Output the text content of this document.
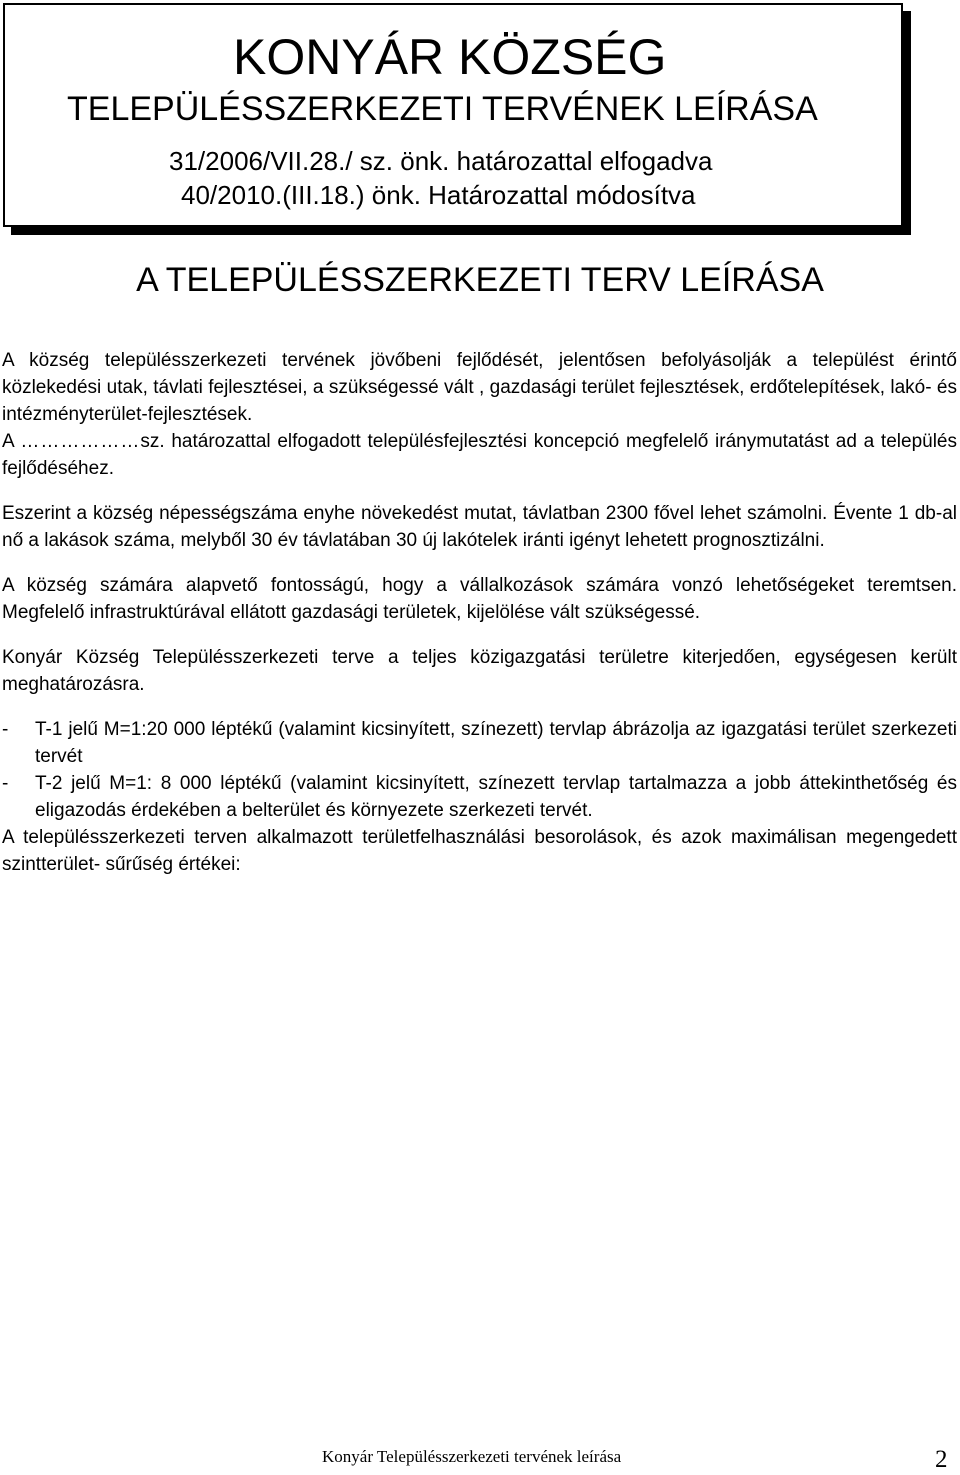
KONYÁR KÖZSÉG
TELEPÜLÉSSZERKEZETI TERVÉNEK LEÍRÁSA
31/2006/VII.28./ sz. önk. határozattal elfogadva
40/2010.(III.18.) önk. Határozattal módosítva
A TELEPÜLÉSSZERKEZETI TERV LEÍRÁSA

A község településszerkezeti tervének jövőbeni fejlődését, jelentősen befolyásolják a települést érintő közlekedési utak, távlati fejlesztései, a szükségessé vált , gazdasági terület fejlesztések, erdőtelepítések, lakó- és intézményterület-fejlesztések.

A ………………sz. határozattal elfogadott településfejlesztési koncepció megfelelő iránymutatást ad a település fejlődéséhez.

Eszerint a község népességszáma enyhe növekedést mutat, távlatban 2300 fővel lehet számolni. Évente 1 db-al nő a lakások száma, melyből 30 év távlatában 30 új lakótelek iránti igényt lehetett prognosztizálni.

A község számára alapvető fontosságú, hogy a vállalkozások számára vonzó lehetőségeket teremtsen. Megfelelő infrastruktúrával ellátott gazdasági területek, kijelölése vált szükségessé.

Konyár Község Településszerkezeti terve a teljes közigazgatási területre kiterjedően, egységesen került meghatározásra.

- T-1 jelű M=1:20 000 léptékű (valamint kicsinyített, színezett) tervlap ábrázolja az igazgatási terület szerkezeti tervét
- T-2 jelű M=1: 8 000 léptékű (valamint kicsinyített, színezett tervlap tartalmazza a jobb áttekinthetőség és eligazodás érdekében a belterület és környezete szerkezeti tervét.

A településszerkezeti terven alkalmazott területfelhasználási besorolások, és azok maximálisan megengedett szintterület- sűrűség értékei:

Konyár Településszerkezeti tervének leírása	2
